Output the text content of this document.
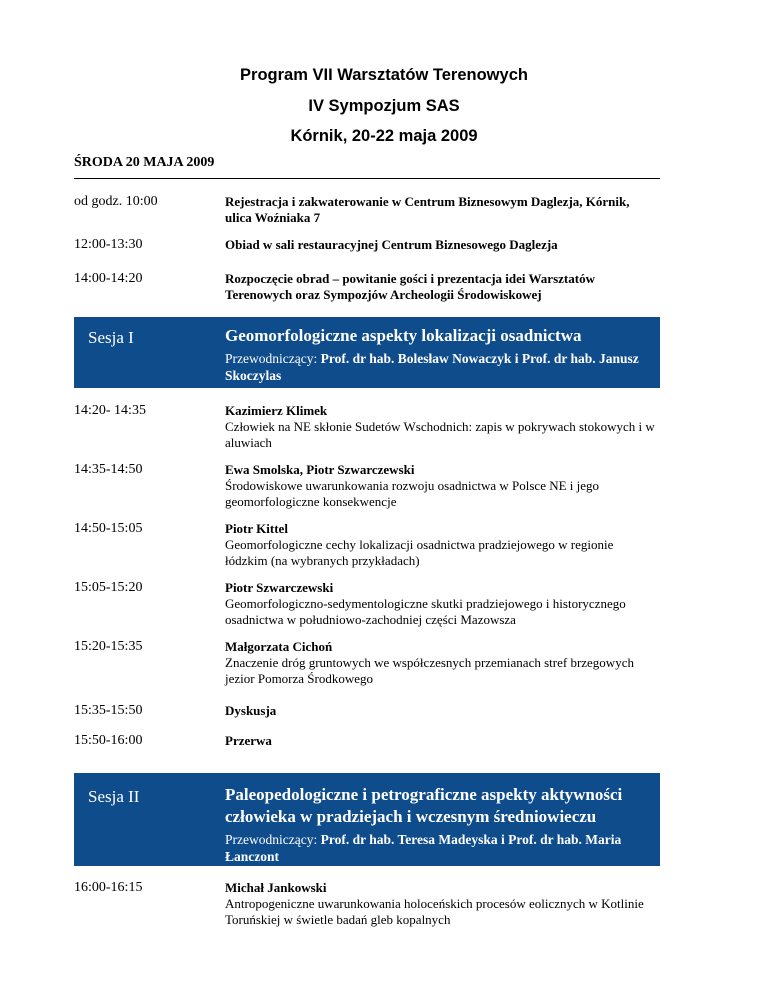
Program VII Warsztatów Terenowych
IV Sympozjum SAS
Kórnik, 20-22 maja 2009
ŚRODA 20 MAJA 2009
od godz. 10:00	Rejestracja i zakwaterowanie w Centrum Biznesowym Daglezja, Kórnik, ulica Woźniaka 7
12:00-13:30	Obiad w sali restauracyjnej Centrum Biznesowego Daglezja
14:00-14:20	Rozpoczęcie obrad – powitanie gości i prezentacja idei Warsztatów Terenowych oraz Sympozjów Archeologii Środowiskowej
Sesja I	Geomorfologiczne aspekty lokalizacji osadnictwa
Przewodniczący: Prof. dr hab. Bolesław Nowaczyk i Prof. dr hab. Janusz Skoczylas
14:20- 14:35	Kazimierz Klimek
Człowiek na NE skłonie Sudetów Wschodnich: zapis w pokrywach stokowych i w aluwiach
14:35-14:50	Ewa Smolska, Piotr Szwarczewski
Środowiskowe uwarunkowania rozwoju osadnictwa w Polsce NE i jego geomorfologiczne konsekwencje
14:50-15:05	Piotr Kittel
Geomorfologiczne cechy lokalizacji osadnictwa pradziejowego w regionie łódzkim (na wybranych przykładach)
15:05-15:20	Piotr Szwarczewski
Geomorfologiczno-sedymentologiczne skutki pradziejowego i historycznego osadnictwa w południowo-zachodniej części Mazowsza
15:20-15:35	Małgorzata Cichoń
Znaczenie dróg gruntowych we współczesnych przemianach stref brzegowych jezior Pomorza Środkowego
15:35-15:50	Dyskusja
15:50-16:00	Przerwa
Sesja II	Paleopedologiczne i petrograficzne aspekty aktywności człowieka w pradziejach i wczesnym średniowieczu
Przewodniczący: Prof. dr hab. Teresa Madeyska i Prof. dr hab. Maria Łanczont
16:00-16:15	Michał Jankowski
Antropogeniczne uwarunkowania holoceńskich procesów eolicznych w Kotlinie Toruńskiej w świetle badań gleb kopalnych
